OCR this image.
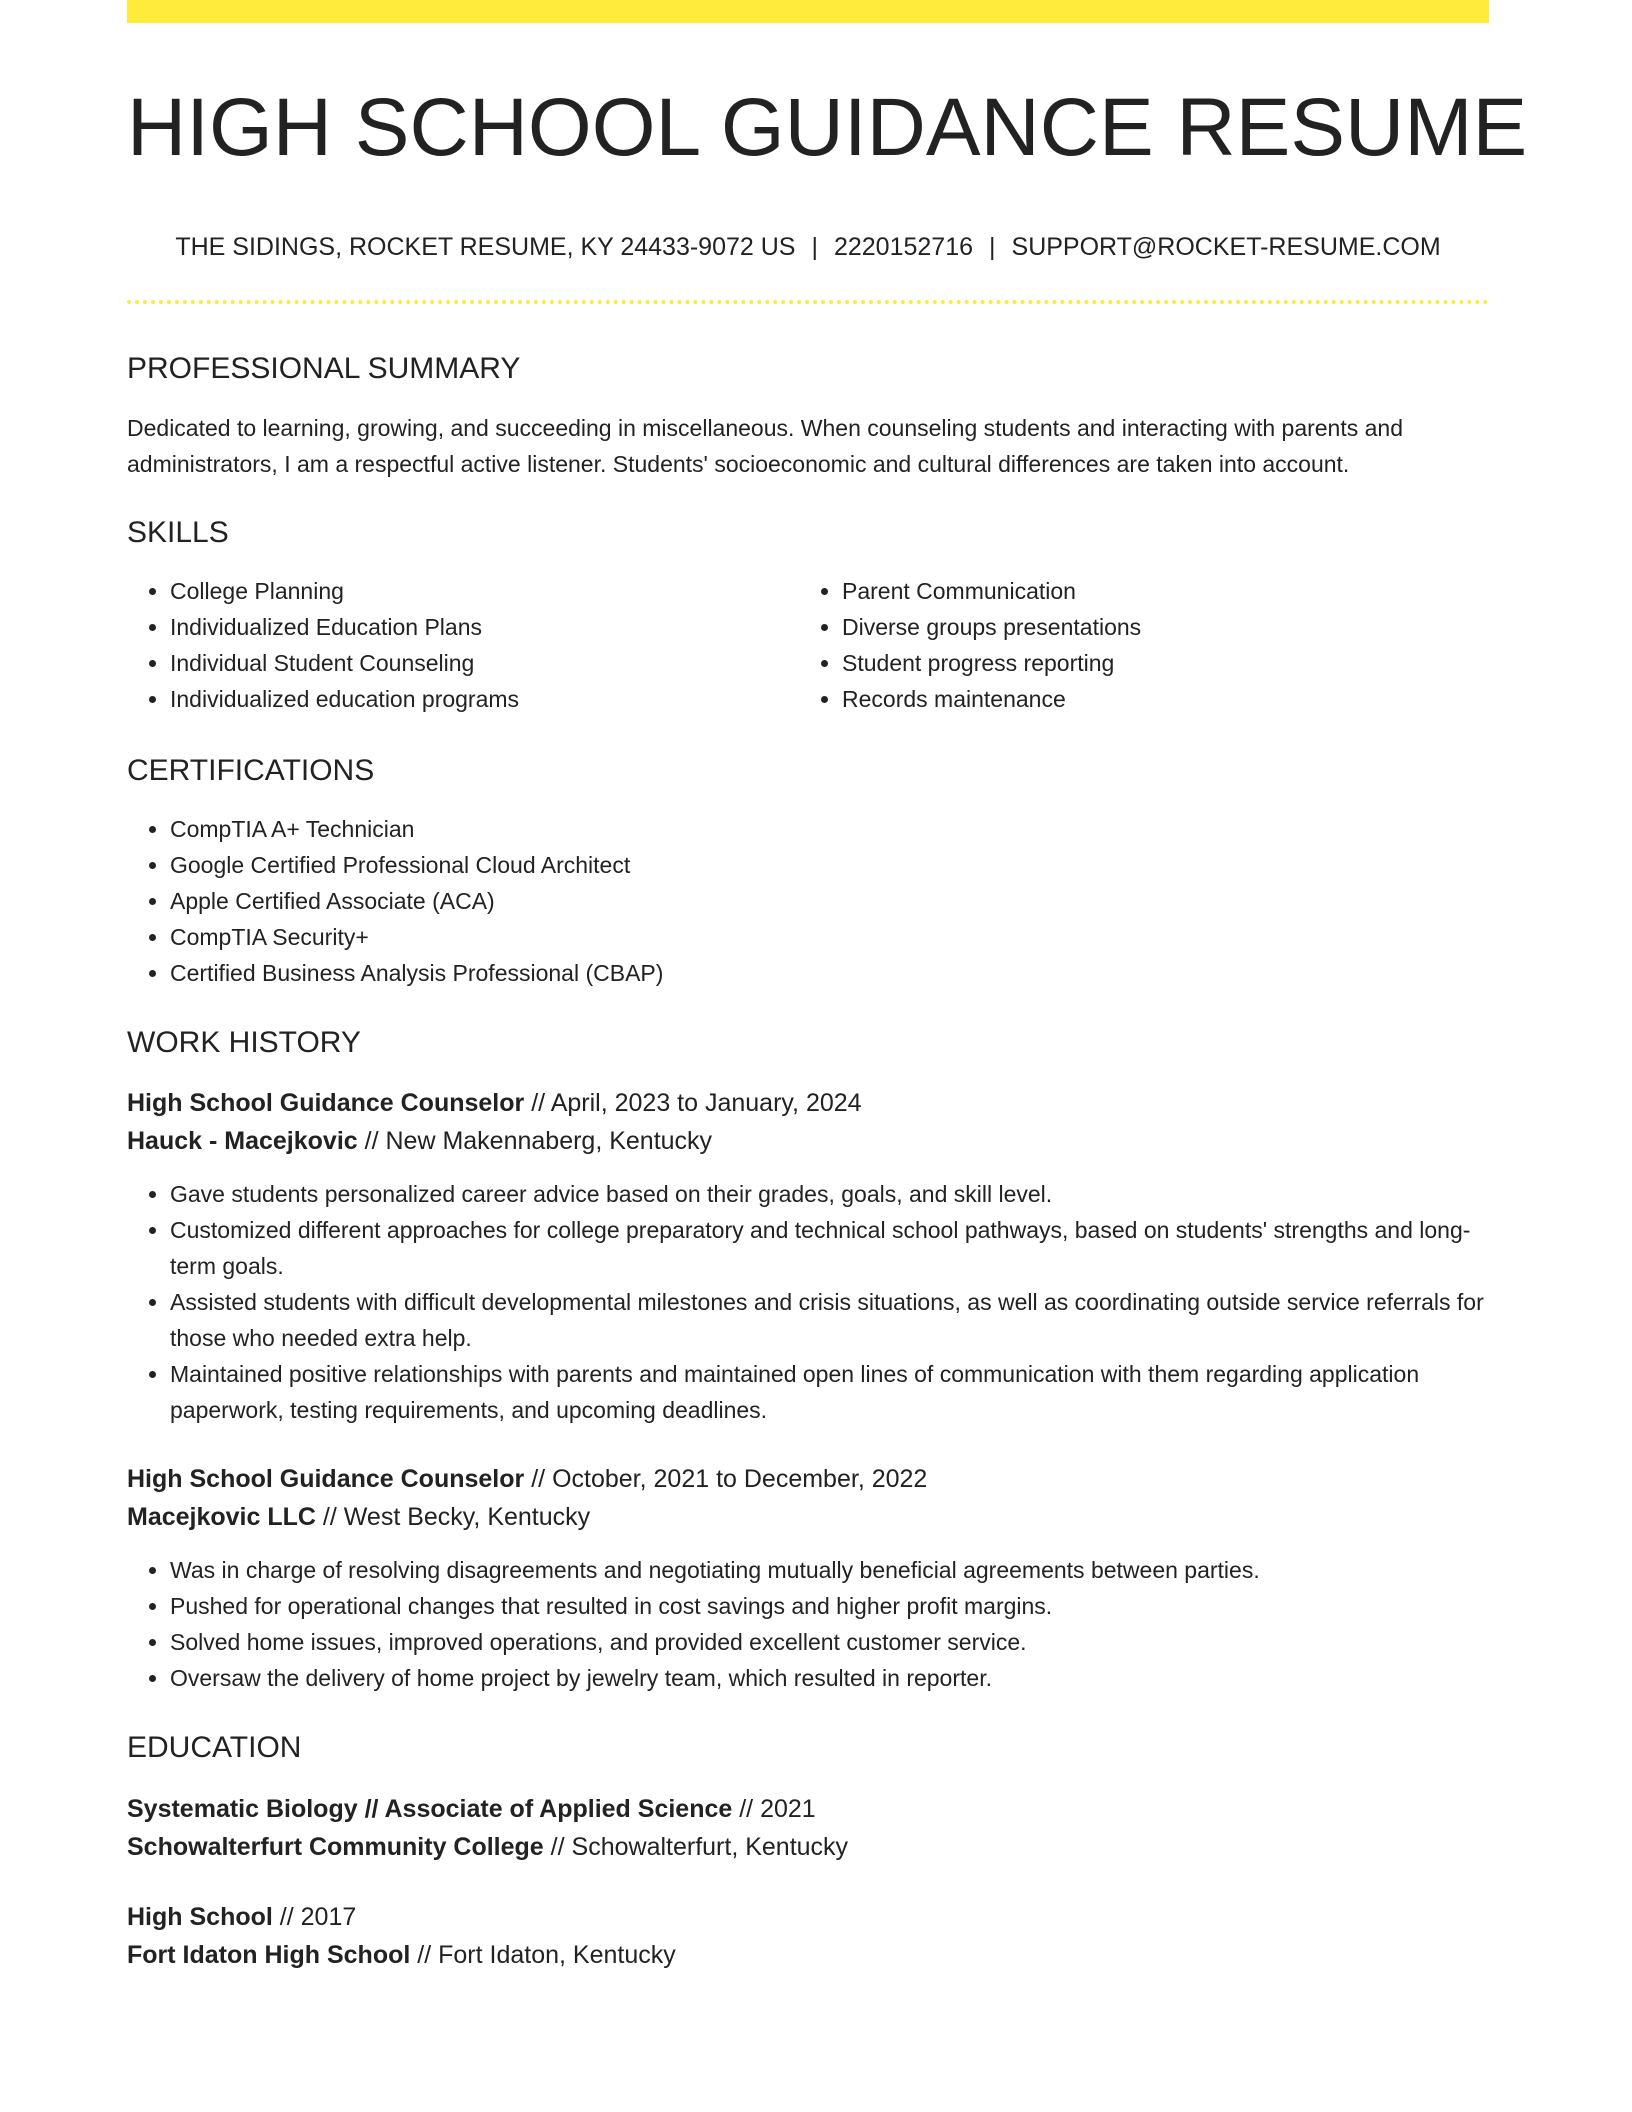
HIGH SCHOOL GUIDANCE RESUME
THE SIDINGS, ROCKET RESUME, KY 24433-9072 US | 2220152716 | SUPPORT@ROCKET-RESUME.COM
PROFESSIONAL SUMMARY

Dedicated to learning, growing, and succeeding in miscellaneous. When counseling students and interacting with parents and administrators, I am a respectful active listener. Students' socioeconomic and cultural differences are taken into account.

SKILLS
• College Planning
• Individualized Education Plans
• Individual Student Counseling
• Individualized education programs
• Parent Communication
• Diverse groups presentations
• Student progress reporting
• Records maintenance
CERTIFICATIONS
• CompTIA A+ Technician
• Google Certified Professional Cloud Architect
• Apple Certified Associate (ACA)
• CompTIA Security+
• Certified Business Analysis Professional (CBAP)
WORK HISTORY
High School Guidance Counselor // April, 2023 to January, 2024
Hauck - Macejkovic // New Makennaberg, Kentucky
• Gave students personalized career advice based on their grades, goals, and skill level.
• Customized different approaches for college preparatory and technical school pathways, based on students' strengths and long-term goals.
• Assisted students with difficult developmental milestones and crisis situations, as well as coordinating outside service referrals for those who needed extra help.
• Maintained positive relationships with parents and maintained open lines of communication with them regarding application paperwork, testing requirements, and upcoming deadlines.
High School Guidance Counselor // October, 2021 to December, 2022
Macejkovic LLC // West Becky, Kentucky
• Was in charge of resolving disagreements and negotiating mutually beneficial agreements between parties.
• Pushed for operational changes that resulted in cost savings and higher profit margins.
• Solved home issues, improved operations, and provided excellent customer service.
• Oversaw the delivery of home project by jewelry team, which resulted in reporter.
EDUCATION
Systematic Biology // Associate of Applied Science // 2021
Schowalterfurt Community College // Schowalterfurt, Kentucky
High School // 2017
Fort Idaton High School // Fort Idaton, Kentucky
